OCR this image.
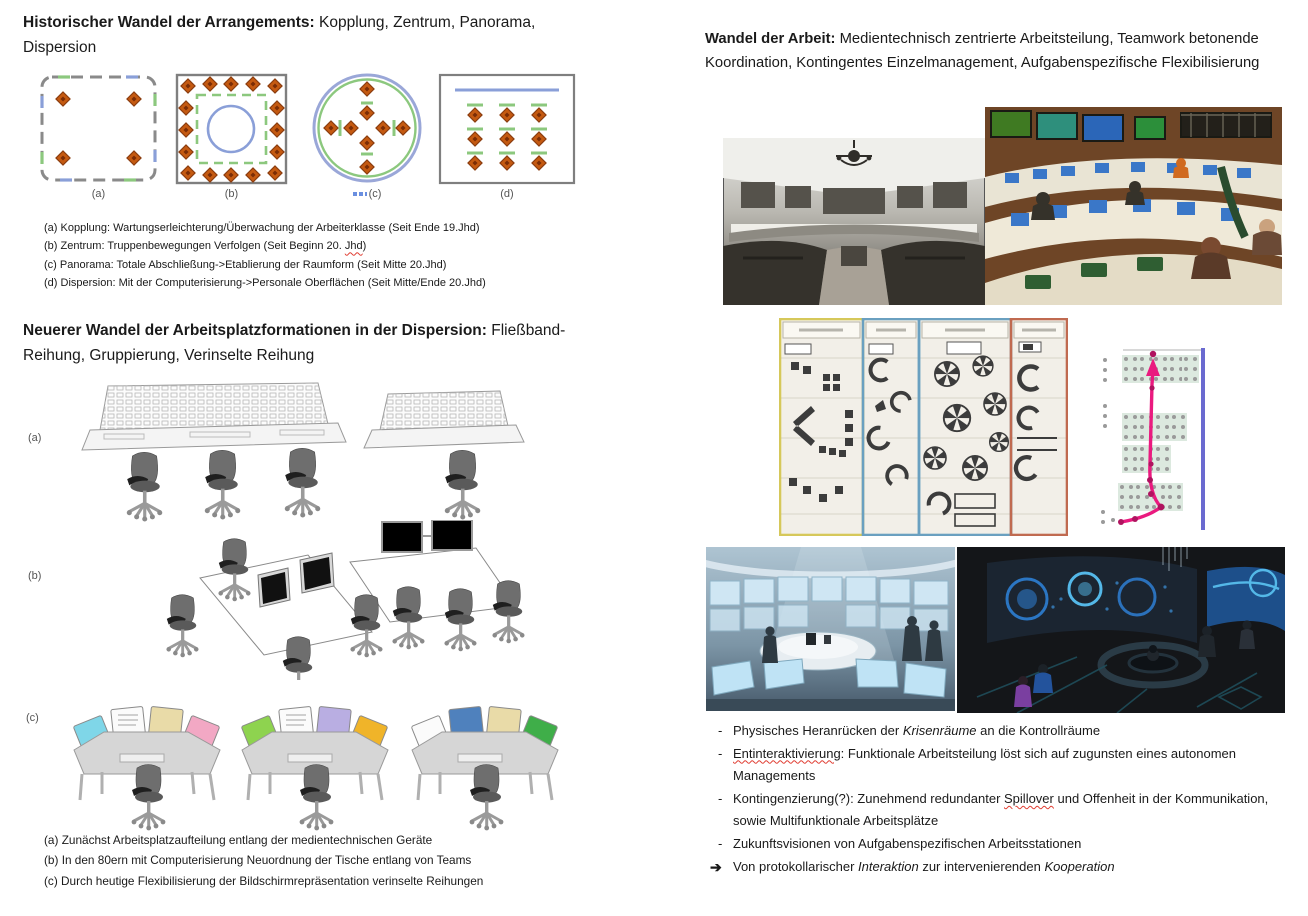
Historischer Wandel der Arrangements: Kopplung, Zentrum, Panorama, Dispersion

(a)	(b)	(c)	(d)
(a) Kopplung: Wartungserleichterung/Überwachung der Arbeiterklasse (Seit Ende 19.Jhd)
(b) Zentrum: Truppenbewegungen Verfolgen (Seit Beginn 20. Jhd)
(c) Panorama: Totale Abschließung->Etablierung der Raumform (Seit Mitte 20.Jhd)
(d) Dispersion: Mit der Computerisierung->Personale Oberflächen (Seit Mitte/Ende 20.Jhd)

Neuerer Wandel der Arbeitsplatzformationen in der Dispersion: Fließband-Reihung, Gruppierung, Verinselte Reihung

(a)
(b)
(c)
(a) Zunächst Arbeitsplatzaufteilung entlang der medientechnischen Geräte
(b) In den 80ern mit Computerisierung Neuordnung der Tische entlang von Teams
(c) Durch heutige Flexibilisierung der Bildschirmrepräsentation verinselte Reihungen

Wandel der Arbeit: Medientechnisch zentrierte Arbeitsteilung, Teamwork betonende Koordination, Kontingentes Einzelmanagement, Aufgabenspezifische Flexibilisierung

- Physisches Heranrücken der Krisenräume an die Kontrollräume
- Entinteraktivierung: Funktionale Arbeitsteilung löst sich auf zugunsten eines autonomen Managements
- Kontingenzierung(?): Zunehmend redundanter Spillover und Offenheit in der Kommunikation, sowie Multifunktionale Arbeitsplätze
- Zukunftsvisionen von Aufgabenspezifischen Arbeitsstationen
➔ Von protokollarischer Interaktion zur intervenierenden Kooperation
